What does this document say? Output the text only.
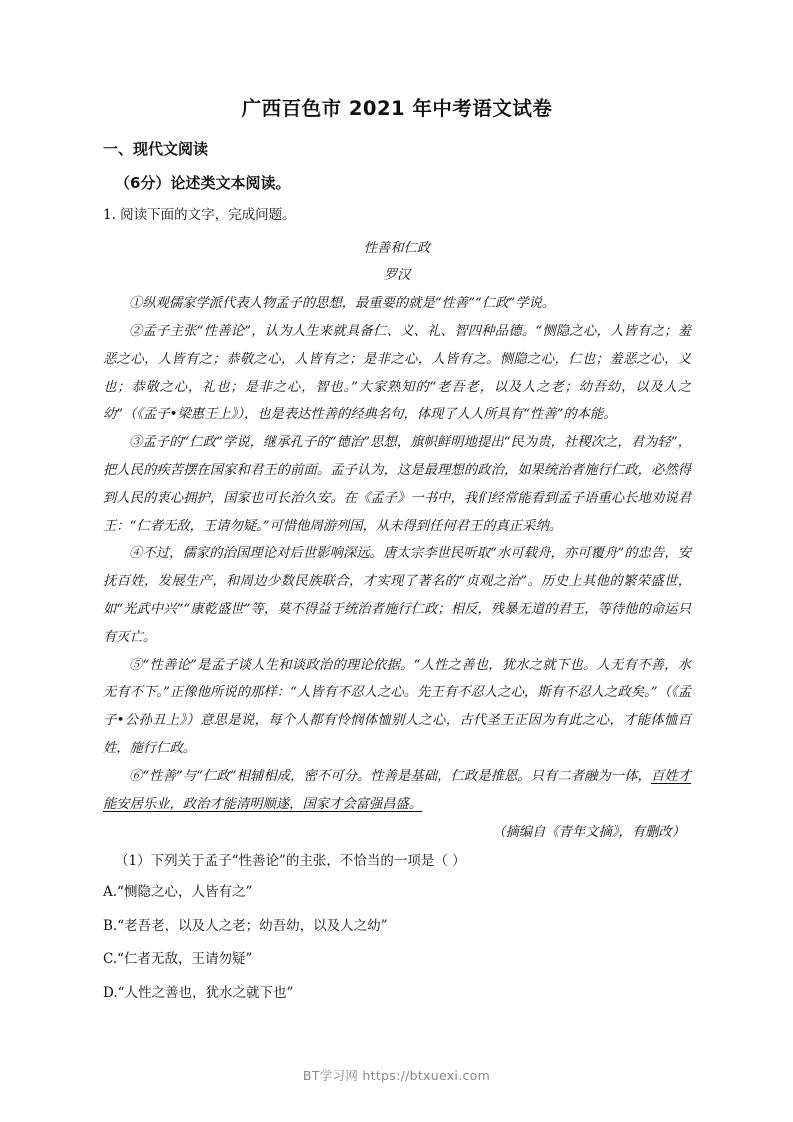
广西百色市 2021 年中考语文试卷
一、现代文阅读
（6分）论述类文本阅读。
1. 阅读下面的文字，完成问题。

性善和仁政

罗汉

①纵观儒家学派代表人物孟子的思想，最重要的就是“性善”“仁政”学说。

②孟子主张“性善论”，认为人生来就具备仁、义、礼、智四种品德。“恻隐之心，人皆有之；羞恶之心，人皆有之；恭敬之心，人皆有之；是非之心，人皆有之。恻隐之心，仁也；羞恶之心，义也；恭敬之心，礼也；是非之心，智也。”大家熟知的“老吾老，以及人之老；幼吾幼，以及人之幼”（《孟子•梁惠王上》），也是表达性善的经典名句，体现了人人所具有“性善”的本能。

③孟子的“仁政”学说，继承孔子的“德治”思想，旗帜鲜明地提出“民为贵，社稷次之，君为轻”，把人民的疾苦摆在国家和君王的前面。孟子认为，这是最理想的政治，如果统治者施行仁政，必然得到人民的衷心拥护，国家也可长治久安。在《孟子》一书中，我们经常能看到孟子语重心长地劝说君王：“仁者无敌，王请勿疑。”可惜他周游列国，从未得到任何君王的真正采纳。

④不过，儒家的治国理论对后世影响深远。唐太宗李世民听取“水可载舟，亦可覆舟”的忠告，安抚百姓，发展生产，和周边少数民族联合，才实现了著名的“贞观之治”。历史上其他的繁荣盛世，如“光武中兴”“康乾盛世”等，莫不得益于统治者施行仁政；相反，残暴无道的君王，等待他的命运只有灭亡。

⑤“性善论”是孟子谈人生和谈政治的理论依据。“人性之善也，犹水之就下也。人无有不善，水无有不下。”正像他所说的那样：“人皆有不忍人之心。先王有不忍人之心，斯有不忍人之政矣。”（《孟子•公孙丑上》）意思是说，每个人都有怜悯体恤别人之心，古代圣王正因为有此之心，才能体恤百姓，施行仁政。

⑥“性善”与“仁政”相辅相成，密不可分。性善是基础，仁政是推恩。只有二者融为一体，百姓才能安居乐业，政治才能清明顺遂，国家才会富强昌盛。

（摘编自《青年文摘》，有删改）
（1）下列关于孟子“性善论”的主张，不恰当的一项是（ ）
A.“恻隐之心，人皆有之”
B.“老吾老，以及人之老；幼吾幼，以及人之幼”
C.“仁者无敌，王请勿疑”
D.“人性之善也，犹水之就下也”
BT学习网 https://btxuexi.com
